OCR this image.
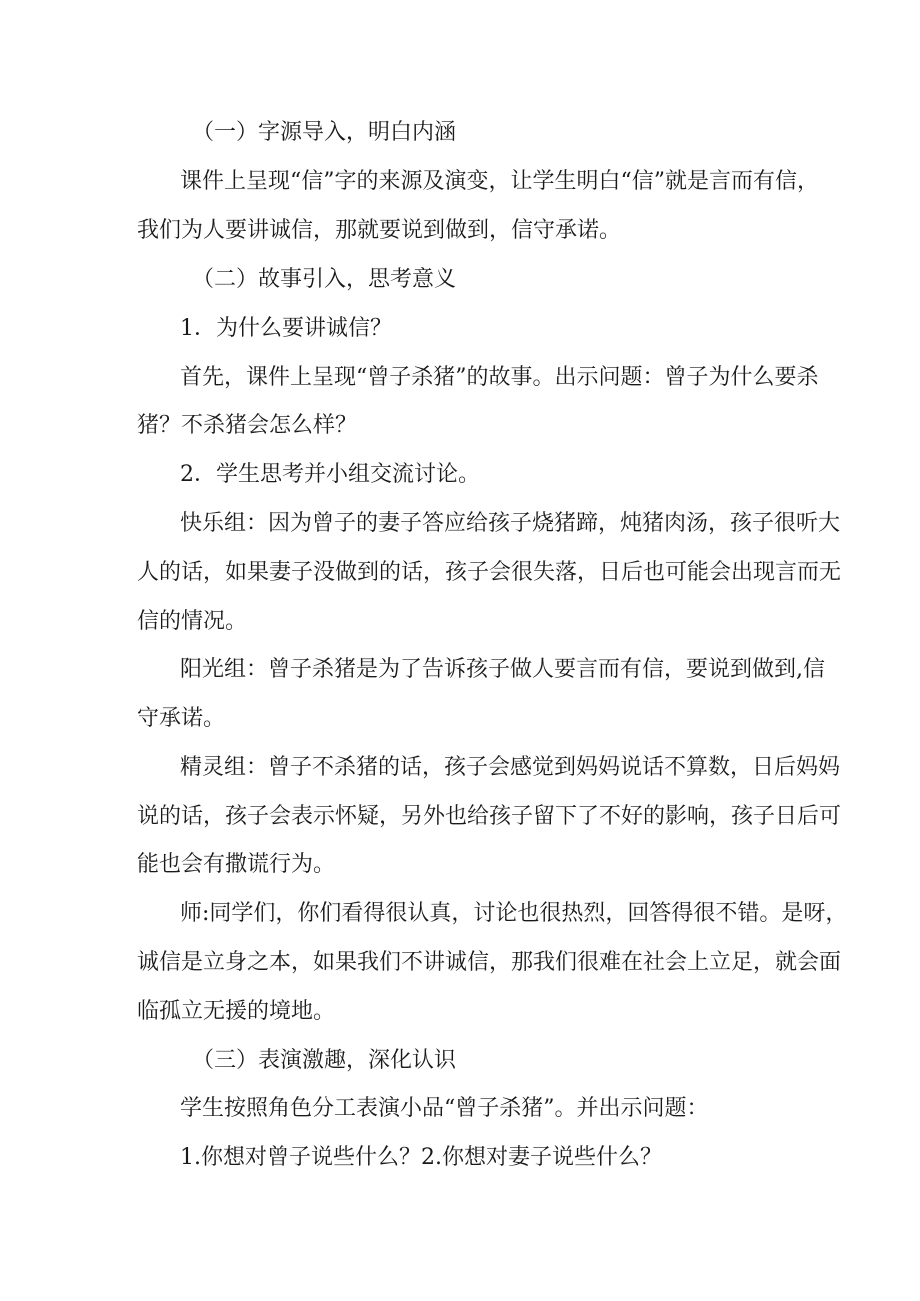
（一）字源导入，明白内涵
课件上呈现“信”字的来源及演变，让学生明白“信”就是言而有信，
我们为人要讲诚信，那就要说到做到，信守承诺。
（二）故事引入，思考意义
1．为什么要讲诚信？
首先，课件上呈现“曾子杀猪”的故事。出示问题：曾子为什么要杀
猪？不杀猪会怎么样？
2．学生思考并小组交流讨论。
快乐组：因为曾子的妻子答应给孩子烧猪蹄，炖猪肉汤，孩子很听大
人的话，如果妻子没做到的话，孩子会很失落，日后也可能会出现言而无
信的情况。
阳光组：曾子杀猪是为了告诉孩子做人要言而有信，要说到做到,信
守承诺。
精灵组：曾子不杀猪的话，孩子会感觉到妈妈说话不算数，日后妈妈
说的话，孩子会表示怀疑，另外也给孩子留下了不好的影响，孩子日后可
能也会有撒谎行为。
师:同学们，你们看得很认真，讨论也很热烈，回答得很不错。是呀，
诚信是立身之本，如果我们不讲诚信，那我们很难在社会上立足，就会面
临孤立无援的境地。
（三）表演激趣，深化认识
学生按照角色分工表演小品“曾子杀猪”。并出示问题：
1.你想对曾子说些什么？2.你想对妻子说些什么？
